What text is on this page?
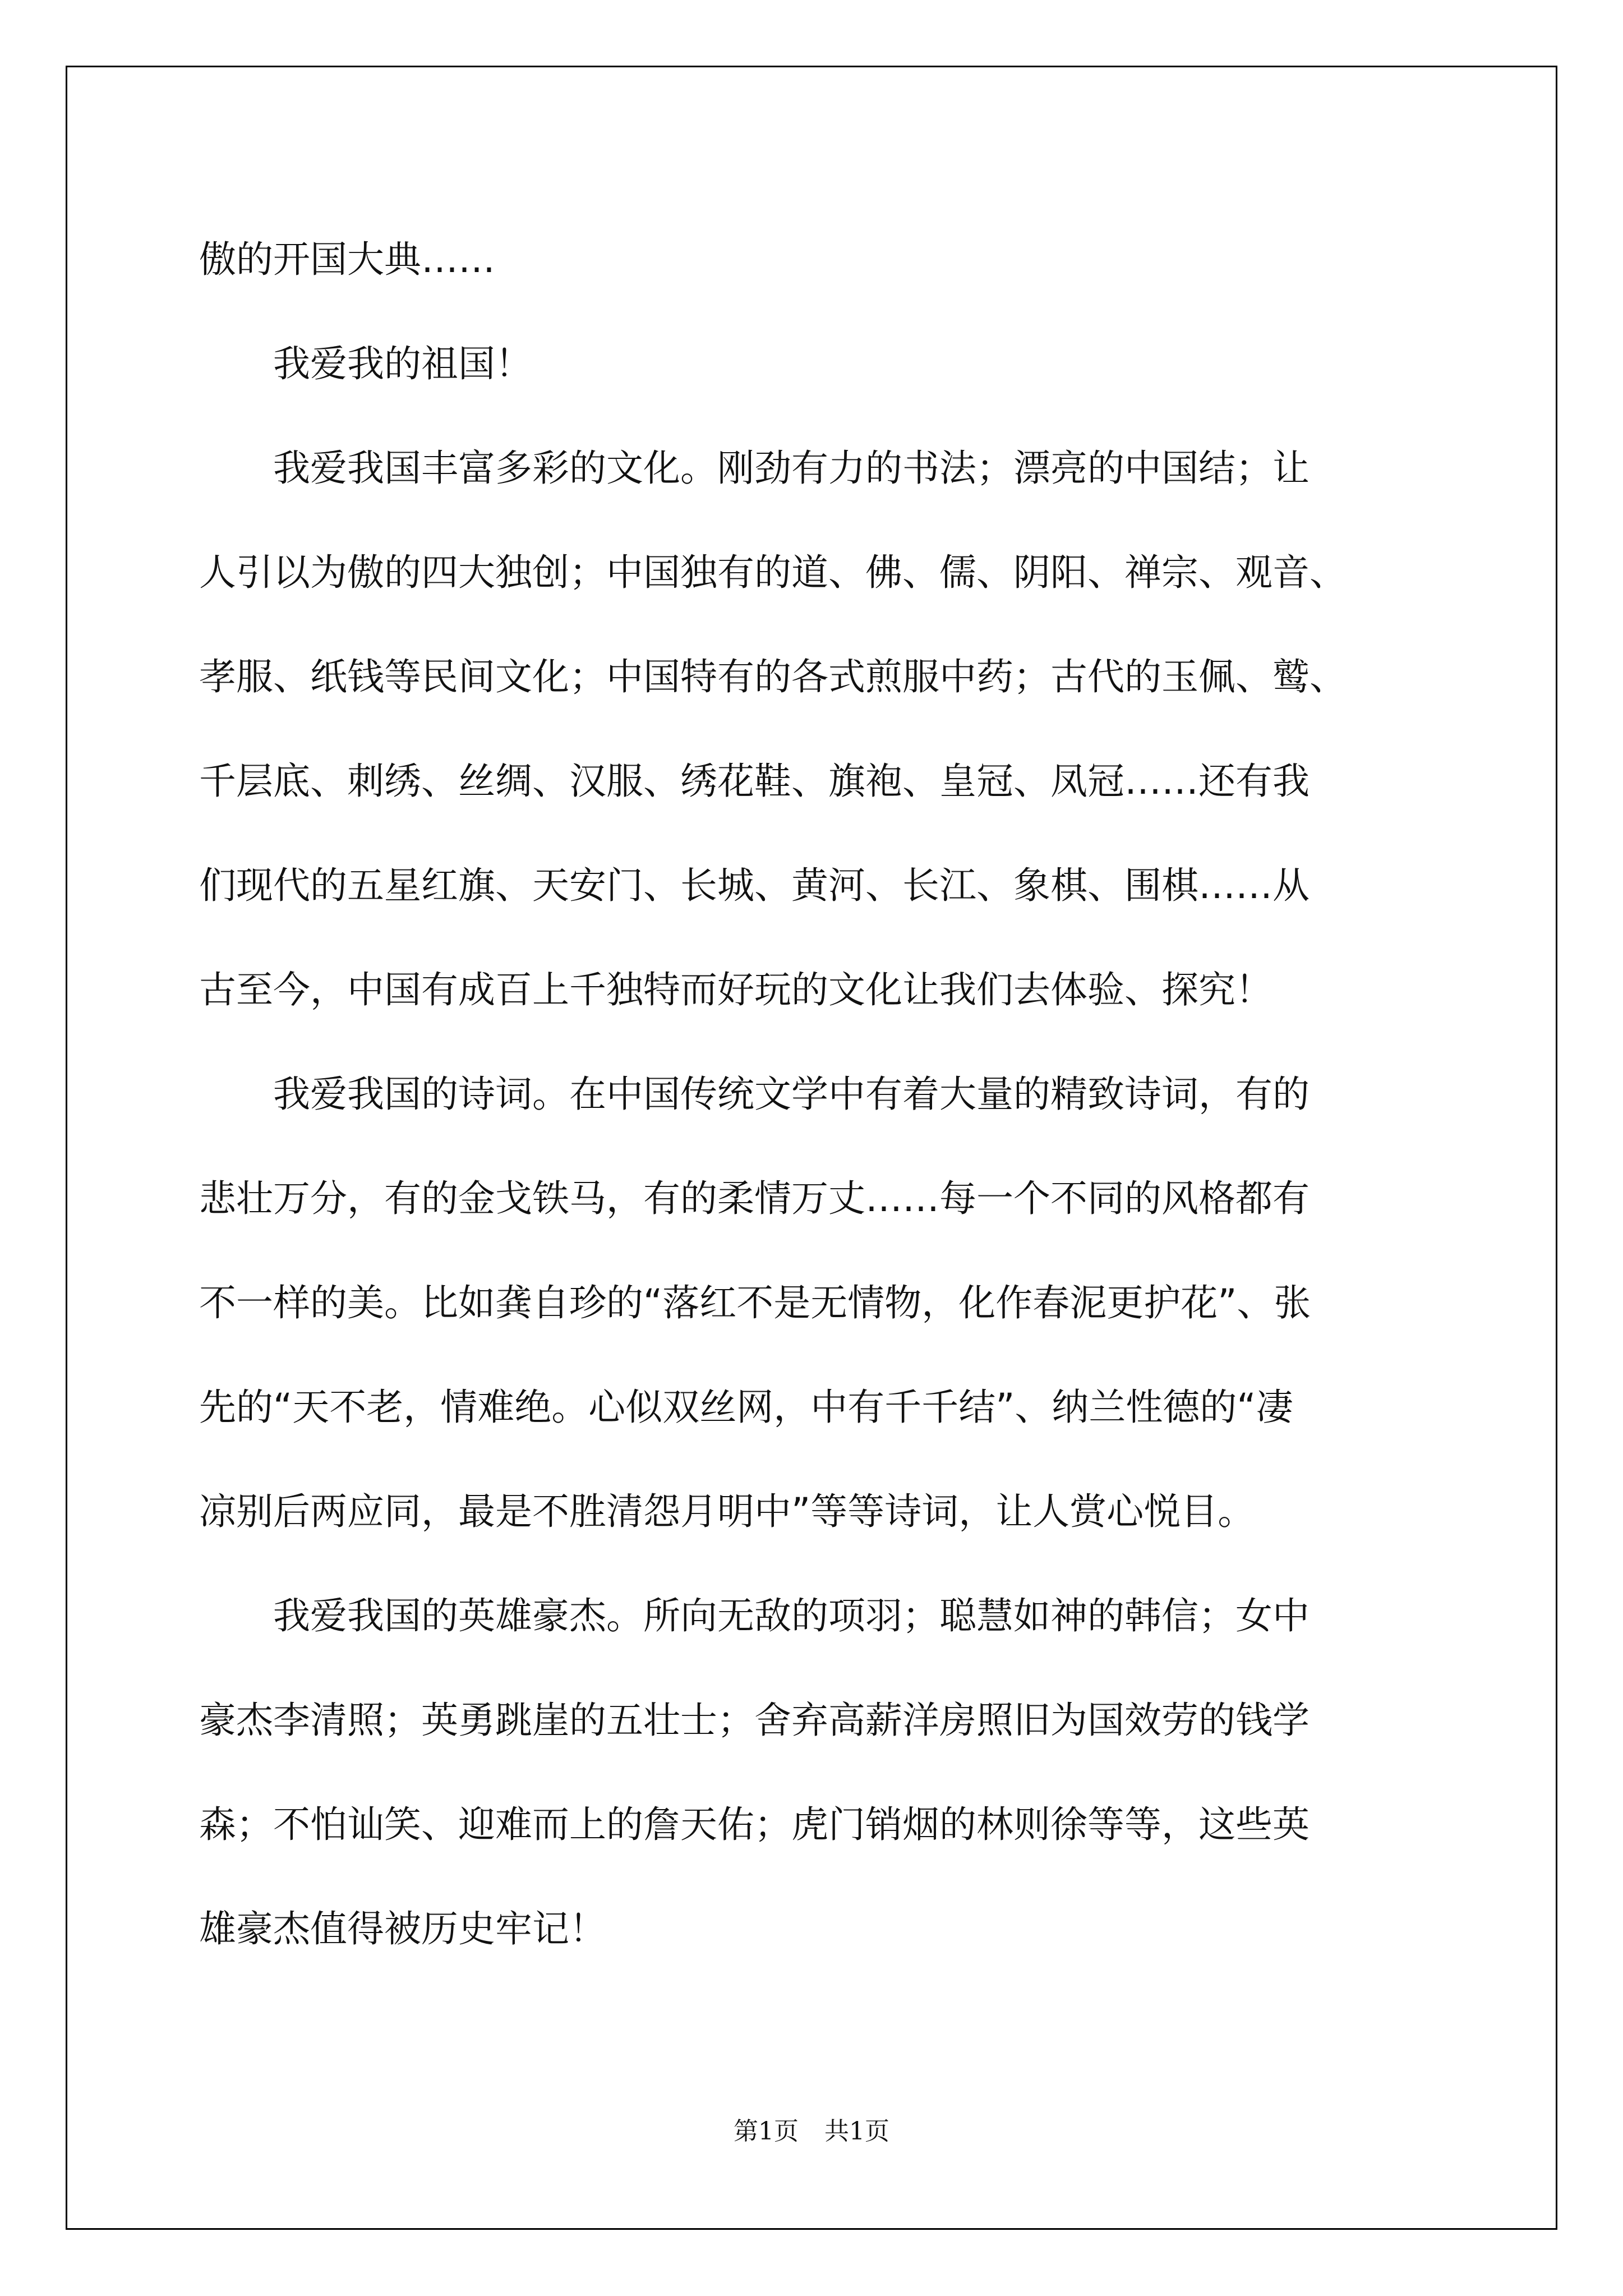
傲的开国大典……
　　我爱我的祖国！
　　我爱我国丰富多彩的文化。刚劲有力的书法；漂亮的中国结；让
人引以为傲的四大独创；中国独有的道、佛、儒、阴阳、禅宗、观音、
孝服、纸钱等民间文化；中国特有的各式煎服中药；古代的玉佩、鹫、
千层底、刺绣、丝绸、汉服、绣花鞋、旗袍、皇冠、凤冠……还有我
们现代的五星红旗、天安门、长城、黄河、长江、象棋、围棋……从
古至今，中国有成百上千独特而好玩的文化让我们去体验、探究！
　　我爱我国的诗词。在中国传统文学中有着大量的精致诗词，有的
悲壮万分，有的金戈铁马，有的柔情万丈……每一个不同的风格都有
不一样的美。比如龚自珍的“落红不是无情物，化作春泥更护花”、张
先的“天不老，情难绝。心似双丝网，中有千千结”、纳兰性德的“凄
凉别后两应同，最是不胜清怨月明中”等等诗词，让人赏心悦目。
　　我爱我国的英雄豪杰。所向无敌的项羽；聪慧如神的韩信；女中
豪杰李清照；英勇跳崖的五壮士；舍弃高薪洋房照旧为国效劳的钱学
森；不怕讪笑、迎难而上的詹天佑；虎门销烟的林则徐等等，这些英
雄豪杰值得被历史牢记！
第1页 共1页
